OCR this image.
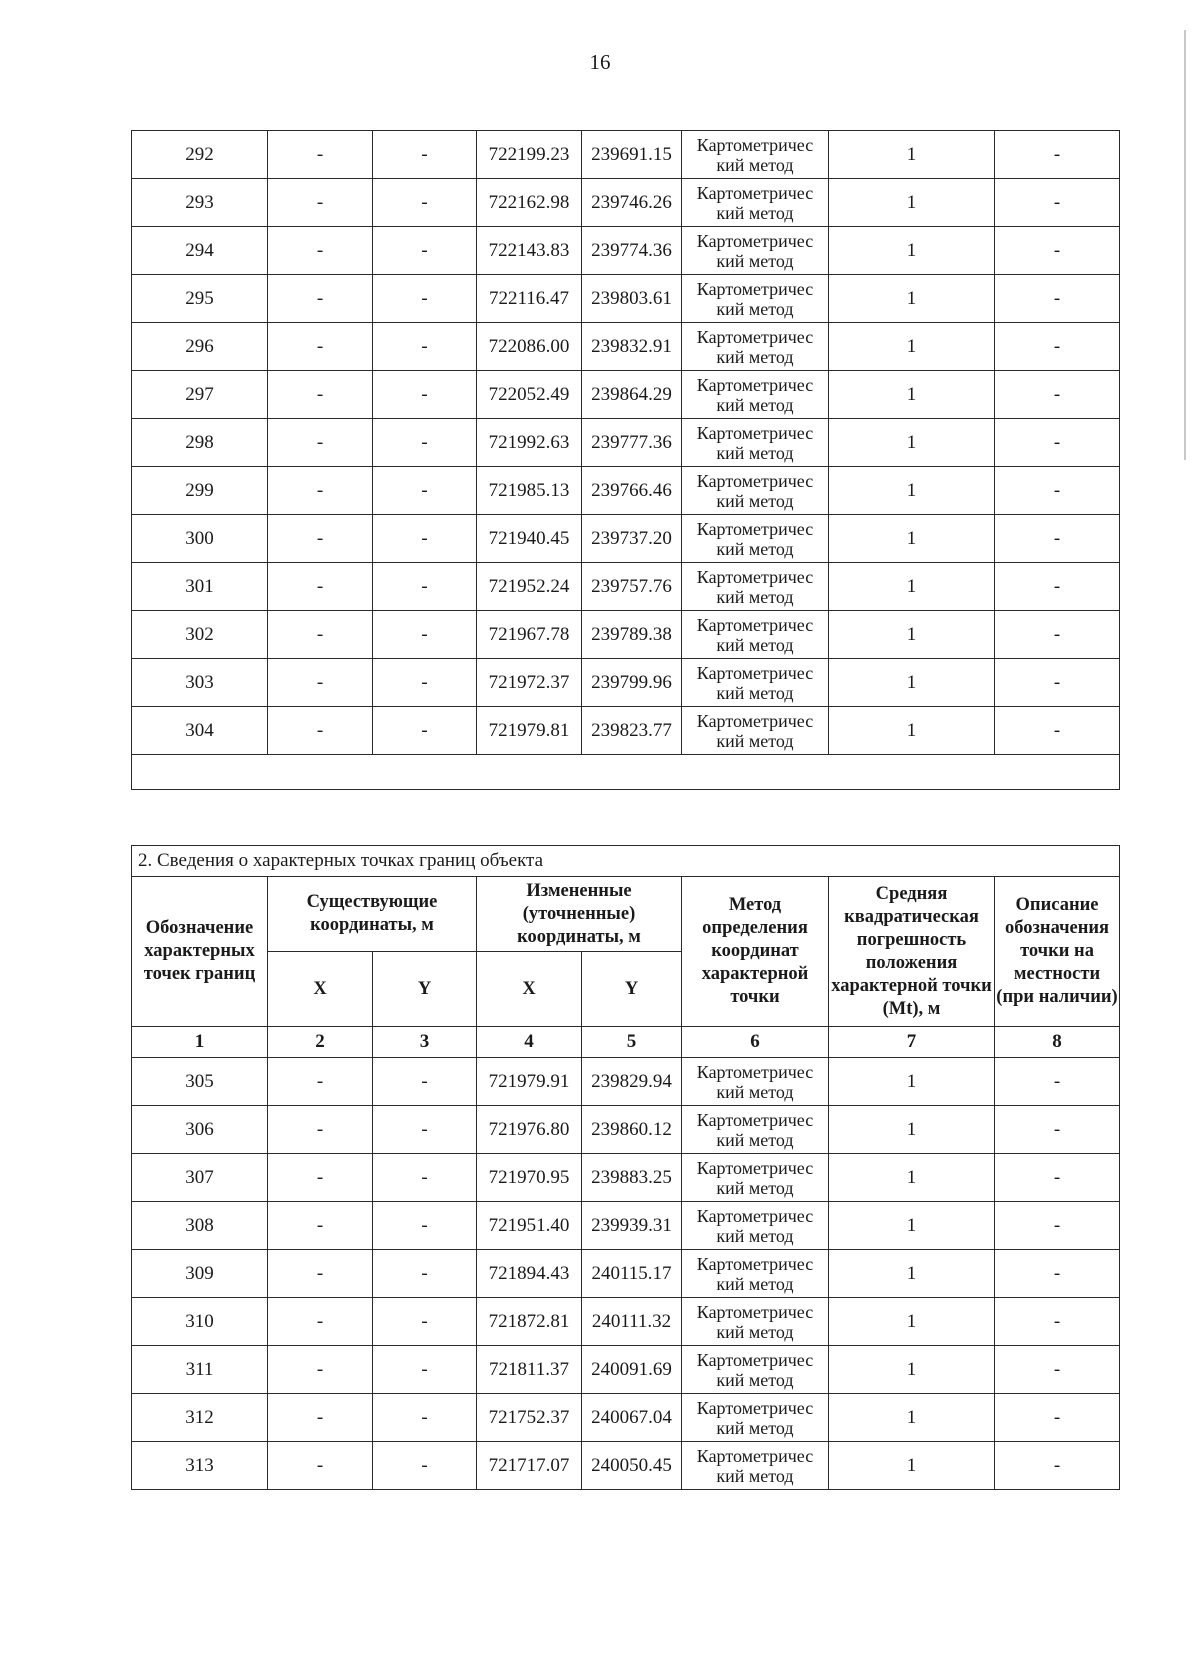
16
292	-	-	722199.23	239691.15	Картометричес
кий метод	1	-
293	-	-	722162.98	239746.26	Картометричес
кий метод	1	-
294	-	-	722143.83	239774.36	Картометричес
кий метод	1	-
295	-	-	722116.47	239803.61	Картометричес
кий метод	1	-
296	-	-	722086.00	239832.91	Картометричес
кий метод	1	-
297	-	-	722052.49	239864.29	Картометричес
кий метод	1	-
298	-	-	721992.63	239777.36	Картометричес
кий метод	1	-
299	-	-	721985.13	239766.46	Картометричес
кий метод	1	-
300	-	-	721940.45	239737.20	Картометричес
кий метод	1	-
301	-	-	721952.24	239757.76	Картометричес
кий метод	1	-
302	-	-	721967.78	239789.38	Картометричес
кий метод	1	-
303	-	-	721972.37	239799.96	Картометричес
кий метод	1	-
304	-	-	721979.81	239823.77	Картометричес
кий метод	1	-

2. Сведения о характерных точках границ объекта							
Обозначение характерных точек границ	Существующие координаты, м		Измененные (уточненные) координаты, м		Метод определения координат характерной точки	Средняя квадратическая погрешность положения характерной точки (Mt), м	Описание обозначения точки на местности (при наличии)
	X	Y	X	Y			
1	2	3	4	5	6	7	8
305	-	-	721979.91	239829.94	Картометричес
кий метод	1	-
306	-	-	721976.80	239860.12	Картометричес
кий метод	1	-
307	-	-	721970.95	239883.25	Картометричес
кий метод	1	-
308	-	-	721951.40	239939.31	Картометричес
кий метод	1	-
309	-	-	721894.43	240115.17	Картометричес
кий метод	1	-
310	-	-	721872.81	240111.32	Картометричес
кий метод	1	-
311	-	-	721811.37	240091.69	Картометричес
кий метод	1	-
312	-	-	721752.37	240067.04	Картометричес
кий метод	1	-
313	-	-	721717.07	240050.45	Картометричес
кий метод	1	-
